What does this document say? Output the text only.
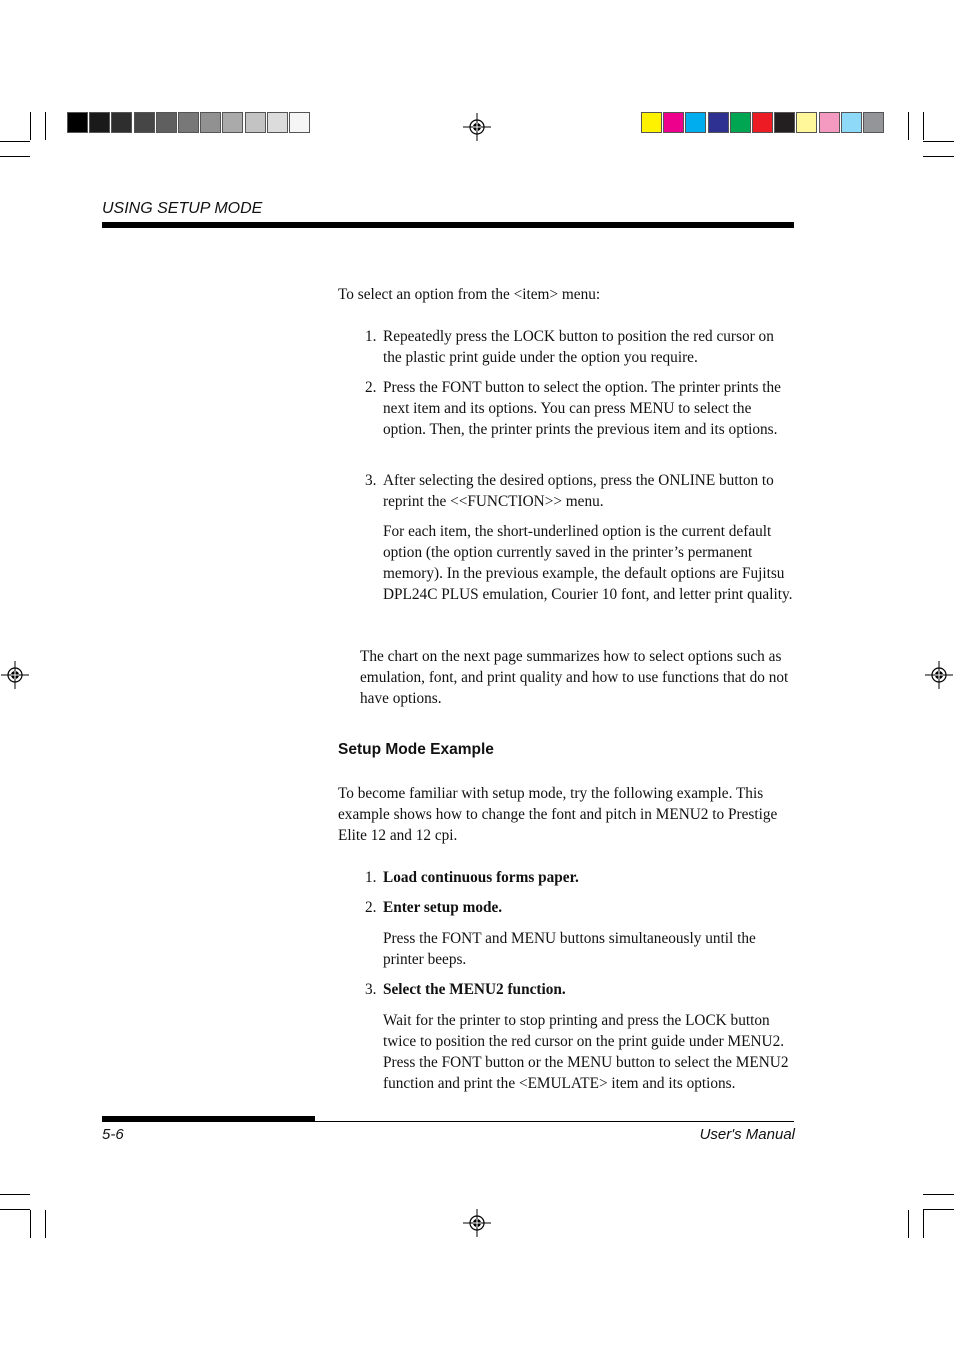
USING SETUP MODE
To select an option from the <item> menu:
1. Repeatedly press the LOCK button to position the red cursor on the plastic print guide under the option you require.
2. Press the FONT button to select the option. The printer prints the next item and its options. You can press MENU to select the option. Then, the printer prints the previous item and its options.
3. After selecting the desired options, press the ONLINE button to reprint the <<FUNCTION>> menu.
For each item, the short-underlined option is the current default option (the option currently saved in the printer’s permanent memory). In the previous example, the default options are Fujitsu DPL24C PLUS emulation, Courier 10 font, and letter print quality.
The chart on the next page summarizes how to select options such as emulation, font, and print quality and how to use functions that do not have options.
Setup Mode Example
To become familiar with setup mode, try the following example. This example shows how to change the font and pitch in MENU2 to Prestige Elite 12 and 12 cpi.
1. Load continuous forms paper.
2. Enter setup mode.
Press the FONT and MENU buttons simultaneously until the printer beeps.
3. Select the MENU2 function.
Wait for the printer to stop printing and press the LOCK button twice to position the red cursor on the print guide under MENU2. Press the FONT button or the MENU button to select the MENU2 function and print the <EMULATE> item and its options.
5-6	User's Manual
